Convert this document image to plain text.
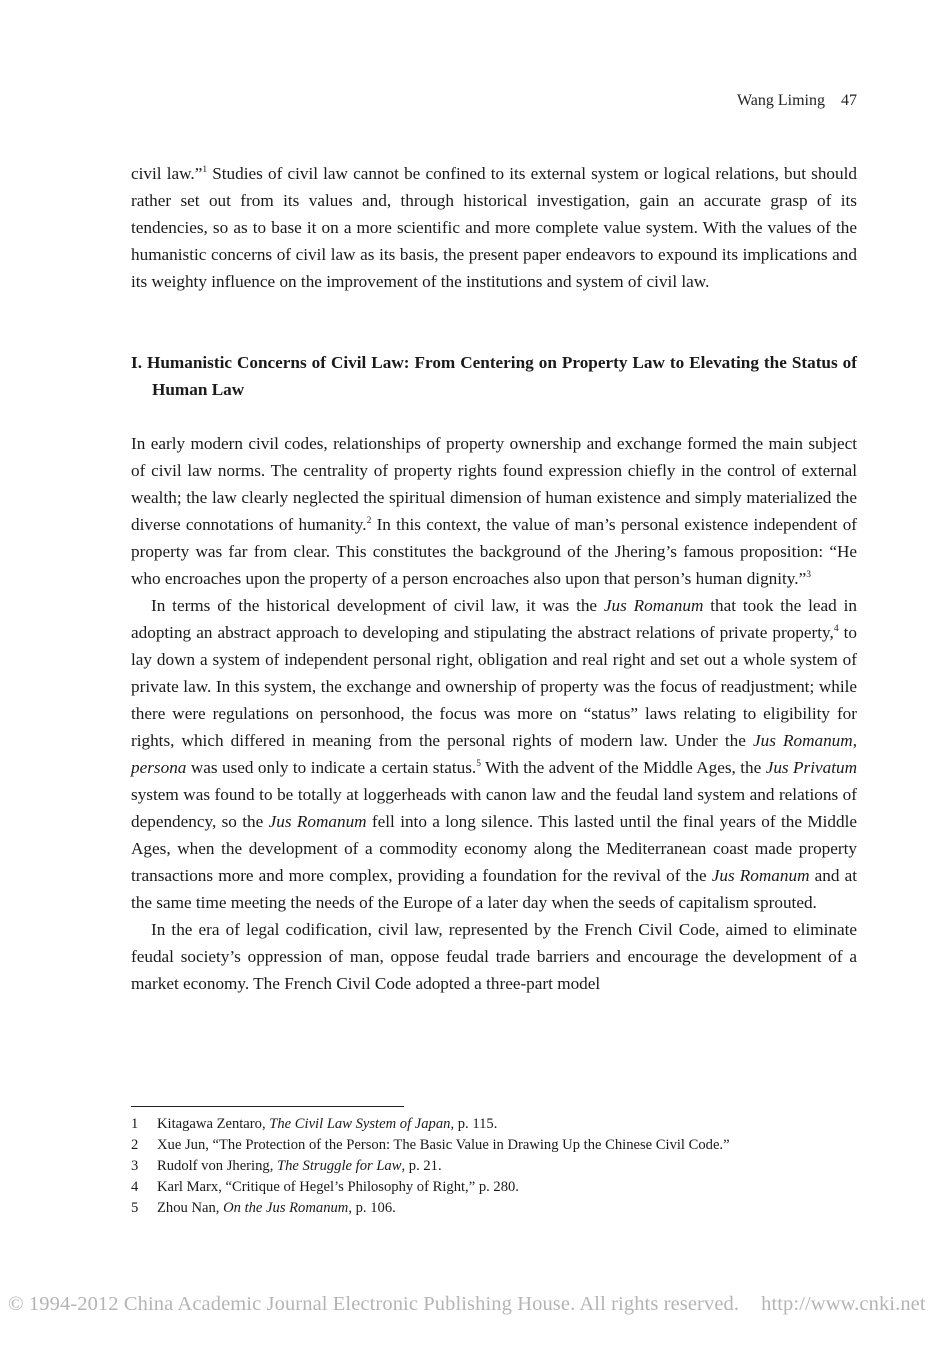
Wang Liming 47

civil law.”$^1$ Studies of civil law cannot be confined to its external system or logical relations, but should rather set out from its values and, through historical investigation, gain an accurate grasp of its tendencies, so as to base it on a more scientific and more complete value system. With the values of the humanistic concerns of civil law as its basis, the present paper endeavors to expound its implications and its weighty influence on the improvement of the institutions and system of civil law.

I. Humanistic Concerns of Civil Law: From Centering on Property Law to Elevating the Status of Human Law

In early modern civil codes, relationships of property ownership and exchange formed the main subject of civil law norms. The centrality of property rights found expression chiefly in the control of external wealth; the law clearly neglected the spiritual dimension of human existence and simply materialized the diverse connotations of humanity.$^2$ In this context, the value of man’s personal existence independent of property was far from clear. This constitutes the background of the Jhering’s famous proposition: “He who encroaches upon the property of a person encroaches also upon that person’s human dignity.”$^3$

In terms of the historical development of civil law, it was the Jus Romanum that took the lead in adopting an abstract approach to developing and stipulating the abstract relations of private property,$^4$ to lay down a system of independent personal right, obligation and real right and set out a whole system of private law. In this system, the exchange and ownership of property was the focus of readjustment; while there were regulations on personhood, the focus was more on “status” laws relating to eligibility for rights, which differed in meaning from the personal rights of modern law. Under the Jus Romanum, persona was used only to indicate a certain status.$^5$ With the advent of the Middle Ages, the Jus Privatum system was found to be totally at loggerheads with canon law and the feudal land system and relations of dependency, so the Jus Romanum fell into a long silence. This lasted until the final years of the Middle Ages, when the development of a commodity economy along the Mediterranean coast made property transactions more and more complex, providing a foundation for the revival of the Jus Romanum and at the same time meeting the needs of the Europe of a later day when the seeds of capitalism sprouted.

In the era of legal codification, civil law, represented by the French Civil Code, aimed to eliminate feudal society’s oppression of man, oppose feudal trade barriers and encourage the development of a market economy. The French Civil Code adopted a three-part model

1	Kitagawa Zentaro, The Civil Law System of Japan, p. 115.
2	Xue Jun, “The Protection of the Person: The Basic Value in Drawing Up the Chinese Civil Code.”
3	Rudolf von Jhering, The Struggle for Law, p. 21.
4	Karl Marx, “Critique of Hegel’s Philosophy of Right,” p. 280.
5	Zhou Nan, On the Jus Romanum, p. 106.
© 1994-2012 China Academic Journal Electronic Publishing House. All rights reserved. http://www.cnki.net
